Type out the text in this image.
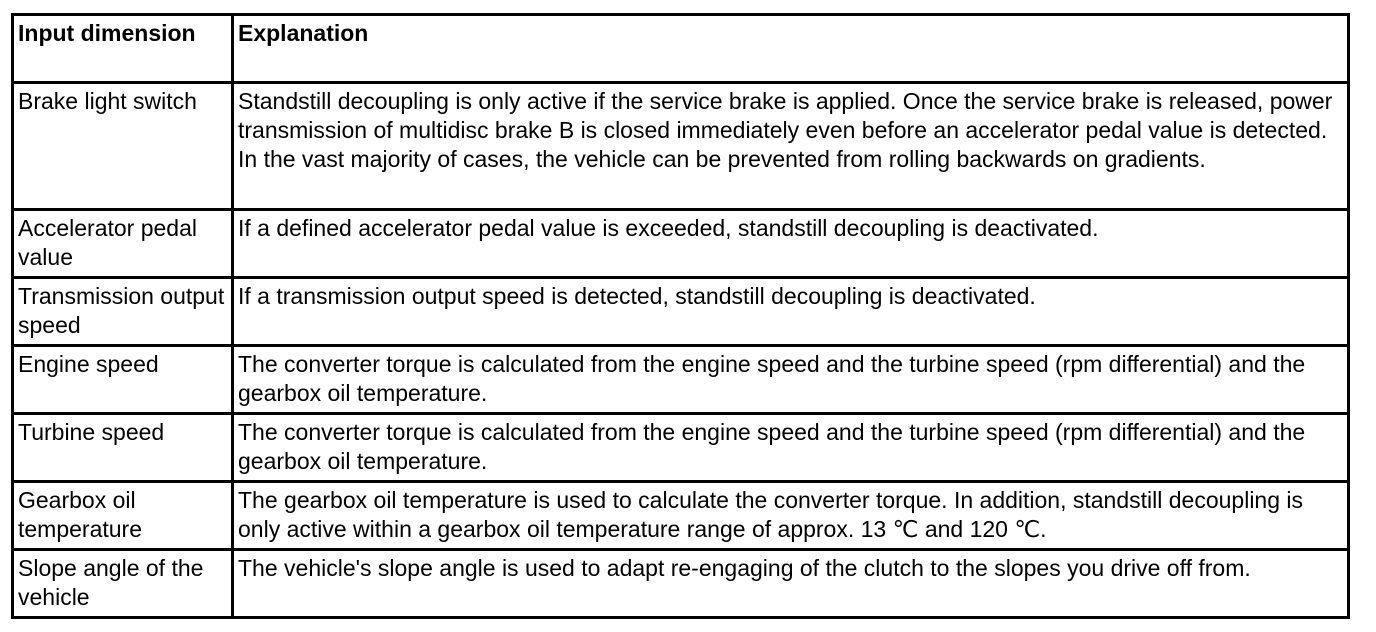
Input dimension	Explanation
Brake light switch	Standstill decoupling is only active if the service brake is applied. Once the service brake is released, power transmission of multidisc brake B is closed immediately even before an accelerator pedal value is detected. In the vast majority of cases, the vehicle can be prevented from rolling backwards on gradients.
Accelerator pedal value	If a defined accelerator pedal value is exceeded, standstill decoupling is deactivated.
Transmission output speed	If a transmission output speed is detected, standstill decoupling is deactivated.
Engine speed	The converter torque is calculated from the engine speed and the turbine speed (rpm differential) and the gearbox oil temperature.
Turbine speed	The converter torque is calculated from the engine speed and the turbine speed (rpm differential) and the gearbox oil temperature.
Gearbox oil temperature	The gearbox oil temperature is used to calculate the converter torque. In addition, standstill decoupling is only active within a gearbox oil temperature range of approx. 13 ℃ and 120 ℃.
Slope angle of the vehicle	The vehicle's slope angle is used to adapt re-engaging of the clutch to the slopes you drive off from.
